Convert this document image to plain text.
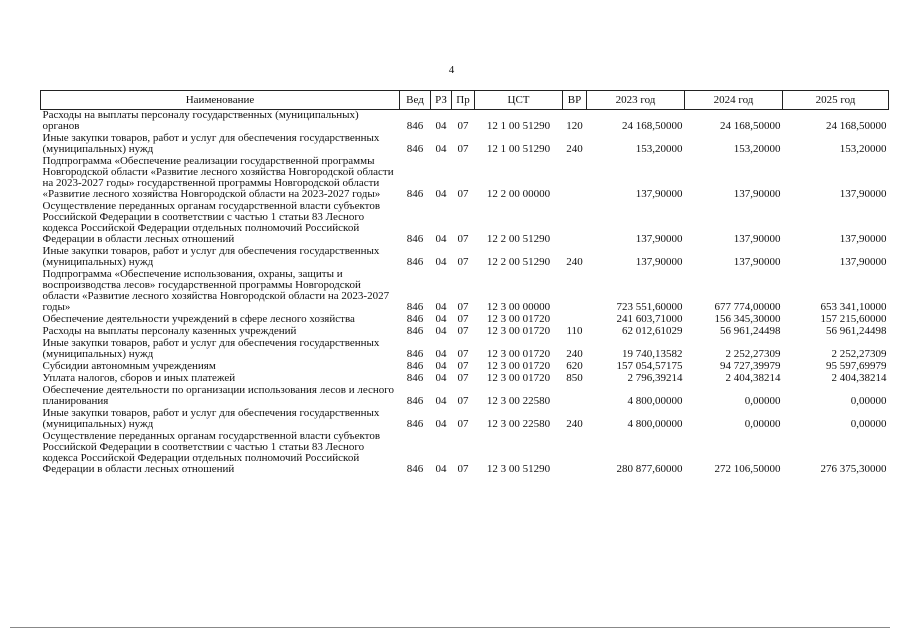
4
Наименование	Вед	РЗ	Пр	ЦСТ	ВР	2023 год	2024 год	2025 год
Расходы на выплаты персоналу государственных (муниципальных) органов	846	04	07	12 1 00 51290	120	24 168,50000	24 168,50000	24 168,50000
Иные закупки товаров, работ и услуг для обеспечения государственных (муниципальных) нужд	846	04	07	12 1 00 51290	240	153,20000	153,20000	153,20000
Подпрограмма «Обеспечение реализации государственной программы Новгородской области «Развитие лесного хозяйства Новгородской области на 2023-2027 годы» государственной программы Новгородской области «Развитие лесного хозяйства Новгородской области на 2023-2027 годы»	846	04	07	12 2 00 00000		137,90000	137,90000	137,90000
Осуществление переданных органам государственной власти субъектов Российской Федерации в соответствии с частью 1 статьи 83 Лесного кодекса Российской Федерации отдельных полномочий Российской Федерации в области лесных отношений	846	04	07	12 2 00 51290		137,90000	137,90000	137,90000
Иные закупки товаров, работ и услуг для обеспечения государственных (муниципальных) нужд	846	04	07	12 2 00 51290	240	137,90000	137,90000	137,90000
Подпрограмма «Обеспечение использования, охраны, защиты и воспроизводства лесов» государственной программы Новгородской области «Развитие лесного хозяйства Новгородской области на 2023-2027 годы»	846	04	07	12 3 00 00000		723 551,60000	677 774,00000	653 341,10000
Обеспечение деятельности учреждений в сфере лесного хозяйства	846	04	07	12 3 00 01720		241 603,71000	156 345,30000	157 215,60000
Расходы на выплаты персоналу казенных учреждений	846	04	07	12 3 00 01720	110	62 012,61029	56 961,24498	56 961,24498
Иные закупки товаров, работ и услуг для обеспечения государственных (муниципальных) нужд	846	04	07	12 3 00 01720	240	19 740,13582	2 252,27309	2 252,27309
Субсидии автономным учреждениям	846	04	07	12 3 00 01720	620	157 054,57175	94 727,39979	95 597,69979
Уплата налогов, сборов и иных платежей	846	04	07	12 3 00 01720	850	2 796,39214	2 404,38214	2 404,38214
Обеспечение деятельности по организации использования лесов и лесного планирования	846	04	07	12 3 00 22580		4 800,00000	0,00000	0,00000
Иные закупки товаров, работ и услуг для обеспечения государственных (муниципальных) нужд	846	04	07	12 3 00 22580	240	4 800,00000	0,00000	0,00000
Осуществление переданных органам государственной власти субъектов Российской Федерации в соответствии с частью 1 статьи 83 Лесного кодекса Российской Федерации отдельных полномочий Российской Федерации в области лесных отношений	846	04	07	12 3 00 51290		280 877,60000	272 106,50000	276 375,30000
